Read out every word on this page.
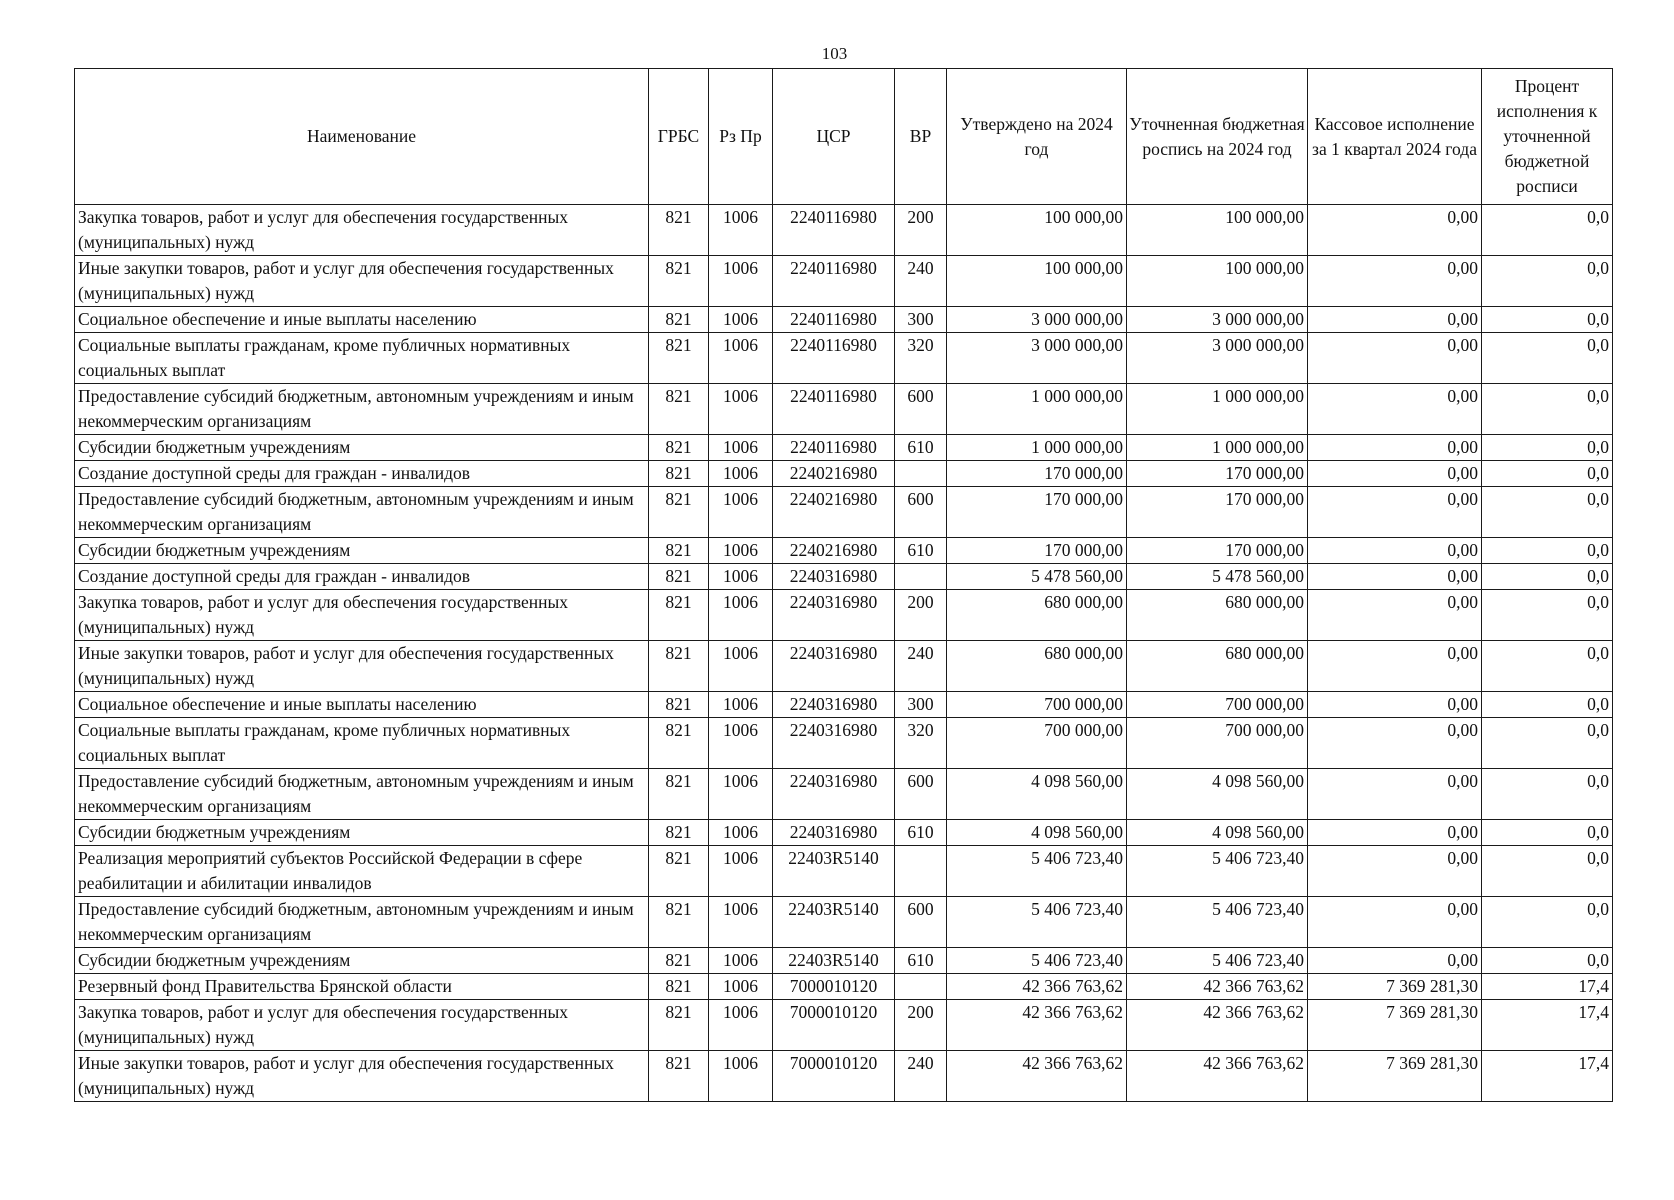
103
Наименование	ГРБС	Рз Пр	ЦСР	ВР	Утверждено на 2024 год	Уточненная бюджетная роспись на 2024 год	Кассовое исполнение за 1 квартал 2024 года	Процент исполнения к уточненной бюджетной росписи
Закупка товаров, работ и услуг для обеспечения государственных (муниципальных) нужд	821	1006	2240116980	200	100 000,00	100 000,00	0,00	0,0
Иные закупки товаров, работ и услуг для обеспечения государственных (муниципальных) нужд	821	1006	2240116980	240	100 000,00	100 000,00	0,00	0,0
Социальное обеспечение и иные выплаты населению	821	1006	2240116980	300	3 000 000,00	3 000 000,00	0,00	0,0
Социальные выплаты гражданам, кроме публичных нормативных социальных выплат	821	1006	2240116980	320	3 000 000,00	3 000 000,00	0,00	0,0
Предоставление субсидий бюджетным, автономным учреждениям и иным некоммерческим организациям	821	1006	2240116980	600	1 000 000,00	1 000 000,00	0,00	0,0
Субсидии бюджетным учреждениям	821	1006	2240116980	610	1 000 000,00	1 000 000,00	0,00	0,0
Создание доступной среды для граждан - инвалидов	821	1006	2240216980		170 000,00	170 000,00	0,00	0,0
Предоставление субсидий бюджетным, автономным учреждениям и иным некоммерческим организациям	821	1006	2240216980	600	170 000,00	170 000,00	0,00	0,0
Субсидии бюджетным учреждениям	821	1006	2240216980	610	170 000,00	170 000,00	0,00	0,0
Создание доступной среды для граждан - инвалидов	821	1006	2240316980		5 478 560,00	5 478 560,00	0,00	0,0
Закупка товаров, работ и услуг для обеспечения государственных (муниципальных) нужд	821	1006	2240316980	200	680 000,00	680 000,00	0,00	0,0
Иные закупки товаров, работ и услуг для обеспечения государственных (муниципальных) нужд	821	1006	2240316980	240	680 000,00	680 000,00	0,00	0,0
Социальное обеспечение и иные выплаты населению	821	1006	2240316980	300	700 000,00	700 000,00	0,00	0,0
Социальные выплаты гражданам, кроме публичных нормативных социальных выплат	821	1006	2240316980	320	700 000,00	700 000,00	0,00	0,0
Предоставление субсидий бюджетным, автономным учреждениям и иным некоммерческим организациям	821	1006	2240316980	600	4 098 560,00	4 098 560,00	0,00	0,0
Субсидии бюджетным учреждениям	821	1006	2240316980	610	4 098 560,00	4 098 560,00	0,00	0,0
Реализация мероприятий субъектов Российской Федерации в сфере реабилитации и абилитации инвалидов	821	1006	22403R5140		5 406 723,40	5 406 723,40	0,00	0,0
Предоставление субсидий бюджетным, автономным учреждениям и иным некоммерческим организациям	821	1006	22403R5140	600	5 406 723,40	5 406 723,40	0,00	0,0
Субсидии бюджетным учреждениям	821	1006	22403R5140	610	5 406 723,40	5 406 723,40	0,00	0,0
Резервный фонд Правительства Брянской области	821	1006	7000010120		42 366 763,62	42 366 763,62	7 369 281,30	17,4
Закупка товаров, работ и услуг для обеспечения государственных (муниципальных) нужд	821	1006	7000010120	200	42 366 763,62	42 366 763,62	7 369 281,30	17,4
Иные закупки товаров, работ и услуг для обеспечения государственных (муниципальных) нужд	821	1006	7000010120	240	42 366 763,62	42 366 763,62	7 369 281,30	17,4
